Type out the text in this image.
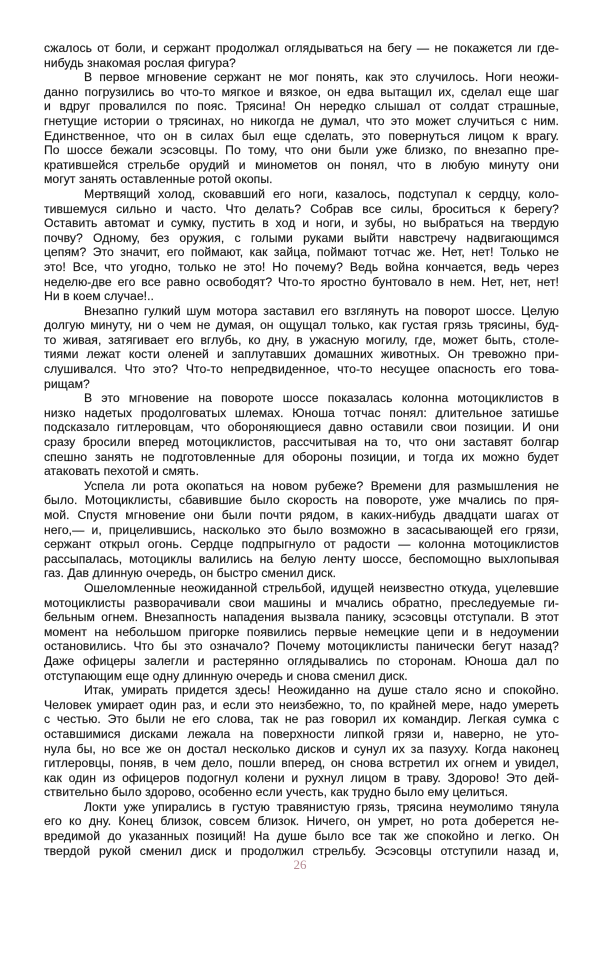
сжалось от боли, и сержант продолжал оглядываться на бегу — не покажется ли где-
нибудь знакомая рослая фигура?
В первое мгновение сержант не мог понять, как это случилось. Ноги неожи-
данно погрузились во что-то мягкое и вязкое, он едва вытащил их, сделал еще шаг
и вдруг провалился по пояс. Трясина! Он нередко слышал от солдат страшные,
гнетущие истории о трясинах, но никогда не думал, что это может случиться с ним.
Единственное, что он в силах был еще сделать, это повернуться лицом к врагу.
По шоссе бежали эсэсовцы. По тому, что они были уже близко, по внезапно пре-
кратившейся стрельбе орудий и минометов он понял, что в любую минуту они
могут занять оставленные ротой окопы.
Мертвящий холод, сковавший его ноги, казалось, подступал к сердцу, коло-
тившемуся сильно и часто. Что делать? Собрав все силы, броситься к берегу?
Оставить автомат и сумку, пустить в ход и ноги, и зубы, но выбраться на твердую
почву? Одному, без оружия, с голыми руками выйти навстречу надвигающимся
цепям? Это значит, его поймают, как зайца, поймают тотчас же. Нет, нет! Только не
это! Все, что угодно, только не это! Но почему? Ведь война кончается, ведь через
неделю-две его все равно освободят? Что-то яростно бунтовало в нем. Нет, нет, нет!
Ни в коем случае!..
Внезапно гулкий шум мотора заставил его взглянуть на поворот шоссе. Целую
долгую минуту, ни о чем не думая, он ощущал только, как густая грязь трясины, буд-
то живая, затягивает его вглубь, ко дну, в ужасную могилу, где, может быть, столе-
тиями лежат кости оленей и заплутавших домашних животных. Он тревожно при-
слушивался. Что это? Что-то непредвиденное, что-то несущее опасность его това-
рищам?
В это мгновение на повороте шоссе показалась колонна мотоциклистов в
низко надетых продолговатых шлемах. Юноша тотчас понял: длительное затишье
подсказало гитлеровцам, что обороняющиеся давно оставили свои позиции. И они
сразу бросили вперед мотоциклистов, рассчитывая на то, что они заставят болгар
спешно занять не подготовленные для обороны позиции, и тогда их можно будет
атаковать пехотой и смять.
Успела ли рота окопаться на новом рубеже? Времени для размышления не
было. Мотоциклисты, сбавившие было скорость на повороте, уже мчались по пря-
мой. Спустя мгновение они были почти рядом, в каких-нибудь двадцати шагах от
него,— и, прицелившись, насколько это было возможно в засасывающей его грязи,
сержант открыл огонь. Сердце подпрыгнуло от радости — колонна мотоциклистов
рассыпалась, мотоциклы валились на белую ленту шоссе, беспомощно выхлопывая
газ. Дав длинную очередь, он быстро сменил диск.
Ошеломленные неожиданной стрельбой, идущей неизвестно откуда, уцелевшие
мотоциклисты разворачивали свои машины и мчались обратно, преследуемые ги-
бельным огнем. Внезапность нападения вызвала панику, эсэсовцы отступали. В этот
момент на небольшом пригорке появились первые немецкие цепи и в недоумении
остановились. Что бы это означало? Почему мотоциклисты панически бегут назад?
Даже офицеры залегли и растерянно оглядывались по сторонам. Юноша дал по
отступающим еще одну длинную очередь и снова сменил диск.
Итак, умирать придется здесь! Неожиданно на душе стало ясно и спокойно.
Человек умирает один раз, и если это неизбежно, то, по крайней мере, надо умереть
с честью. Это были не его слова, так не раз говорил их командир. Легкая сумка с
оставшимися дисками лежала на поверхности липкой грязи и, наверно, не уто-
нула бы, но все же он достал несколько дисков и сунул их за пазуху. Когда наконец
гитлеровцы, поняв, в чем дело, пошли вперед, он снова встретил их огнем и увидел,
как один из офицеров подогнул колени и рухнул лицом в траву. Здорово! Это дей-
ствительно было здорово, особенно если учесть, как трудно было ему целиться.
Локти уже упирались в густую травянистую грязь, трясина неумолимо тянула
его ко дну. Конец близок, совсем близок. Ничего, он умрет, но рота доберется не-
вредимой до указанных позиций! На душе было все так же спокойно и легко. Он
твердой рукой сменил диск и продолжил стрельбу. Эсэсовцы отступили назад и,
26
